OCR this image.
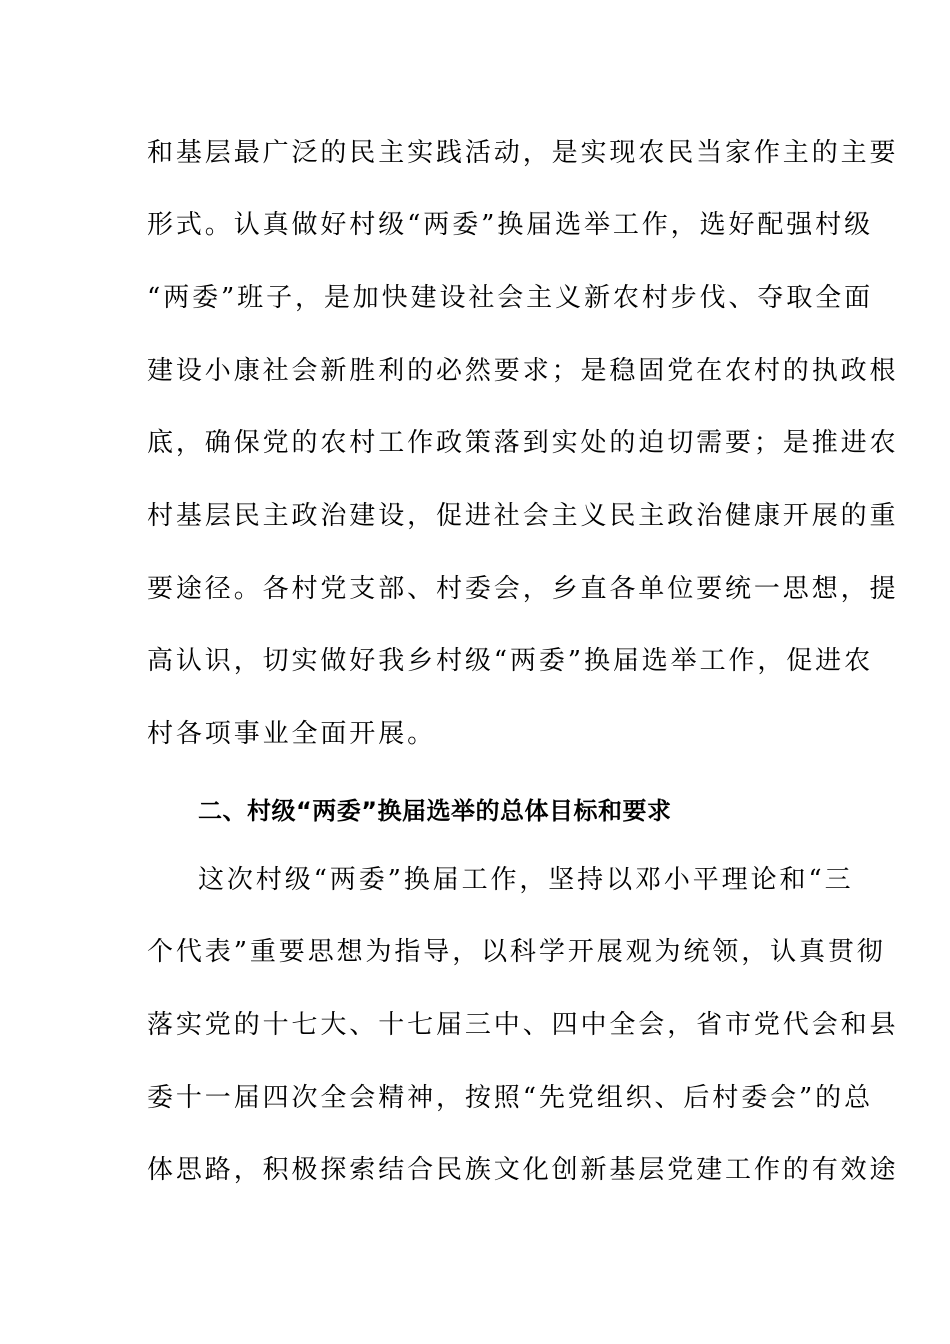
和基层最广泛的民主实践活动，是实现农民当家作主的主要
形式。认真做好村级“两委”换届选举工作，选好配强村级
“两委”班子，是加快建设社会主义新农村步伐、夺取全面
建设小康社会新胜利的必然要求；是稳固党在农村的执政根
底，确保党的农村工作政策落到实处的迫切需要；是推进农
村基层民主政治建设，促进社会主义民主政治健康开展的重
要途径。各村党支部、村委会，乡直各单位要统一思想，提
高认识，切实做好我乡村级“两委”换届选举工作，促进农
村各项事业全面开展。
二、村级“两委”换届选举的总体目标和要求
这次村级“两委”换届工作，坚持以邓小平理论和“三
个代表”重要思想为指导，以科学开展观为统领，认真贯彻
落实党的十七大、十七届三中、四中全会，省市党代会和县
委十一届四次全会精神，按照“先党组织、后村委会”的总
体思路，积极探索结合民族文化创新基层党建工作的有效途
